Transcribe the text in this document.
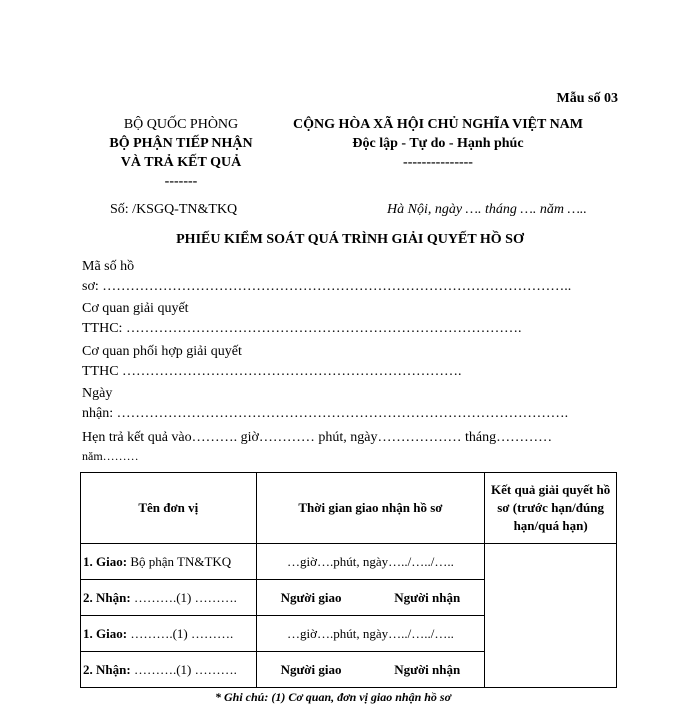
Mẫu số 03
BỘ QUỐC PHÒNG
BỘ PHẬN TIẾP NHẬN
VÀ TRẢ KẾT QUẢ
-------
CỘNG HÒA XÃ HỘI CHỦ NGHĨA VIỆT NAM
Độc lập - Tự do - Hạnh phúc
---------------
Số: /KSGQ-TN&TKQ	Hà Nội, ngày …. tháng …. năm …..
PHIẾU KIỂM SOÁT QUÁ TRÌNH GIẢI QUYẾT HỒ SƠ
Mã số hồ
sơ: ………………………………………………………………………………………..
Cơ quan giải quyết
TTHC: ………………………………………………………………………….
Cơ quan phối hợp giải quyết
TTHC ……………………………………………………………….
Ngày
nhận: …………………………………………………………………………………….
Hẹn trả kết quả vào………. giờ………… phút, ngày……………… tháng…………
năm………
Tên đơn vị	Thời gian giao nhận hồ sơ	Kết quả giải quyết hồ sơ (trước hạn/đúng hạn/quá hạn)
1. Giao: Bộ phận TN&TKQ	…giờ….phút, ngày…../…../…..	
2. Nhận: ……….(1) ……….	Người giao Người nhận	

1. Giao: ……….(1) ……….	…giờ….phút, ngày…../…../…..	
2. Nhận: ……….(1) ……….	Người giao Người nhận	
* Ghi chú: (1) Cơ quan, đơn vị giao nhận hồ sơ
